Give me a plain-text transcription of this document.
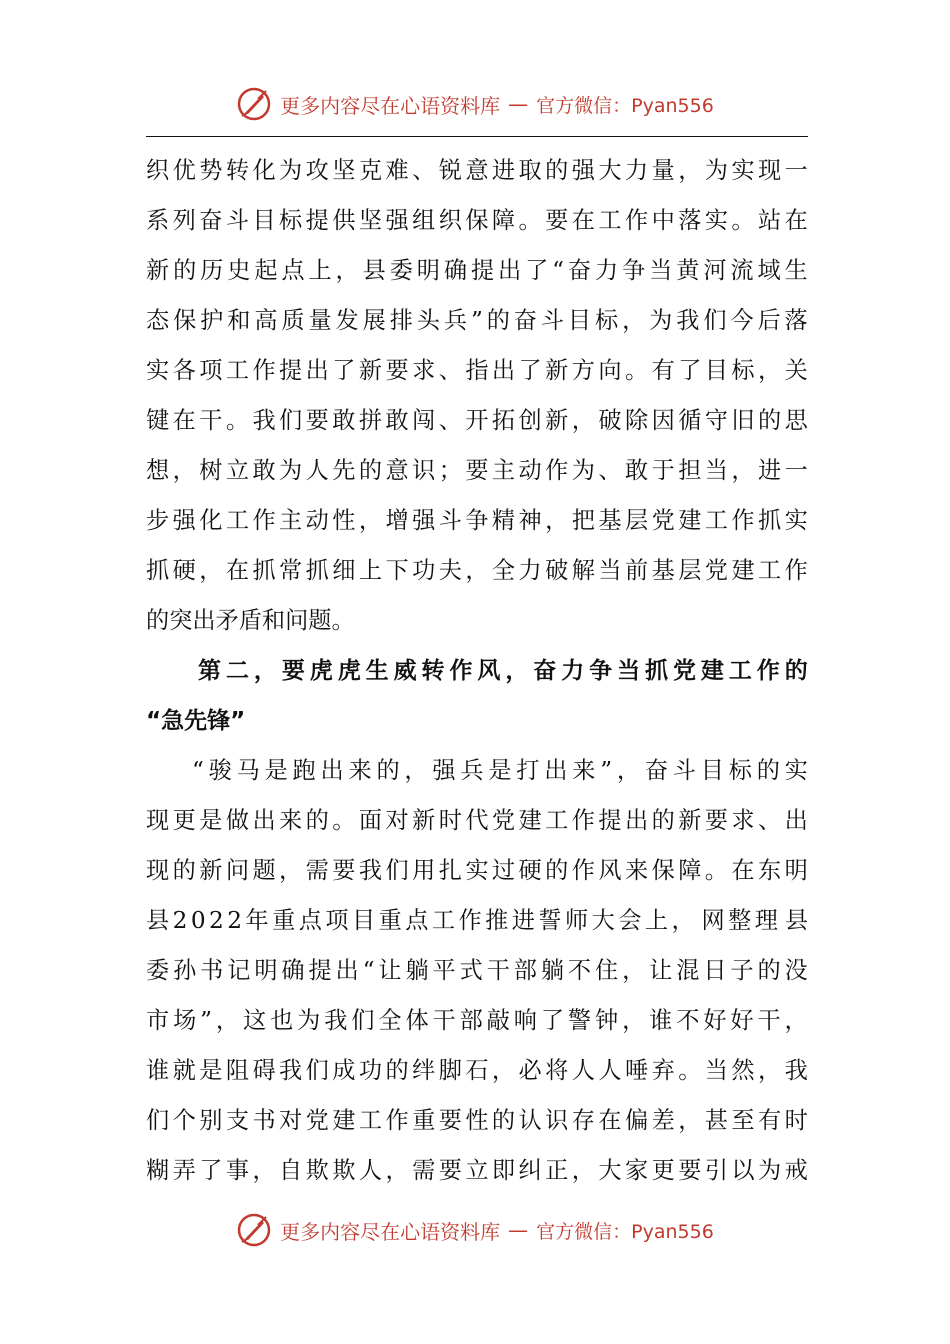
更多内容尽在心语资料库 — 官方微信：Pyan556
织 优 势 转 化 为 攻 坚 克 难 、 锐 意 进 取 的 强 大 力 量 ， 为 实 现 一
系 列 奋 斗 目 标 提 供 坚 强 组 织 保 障 。 要 在 工 作 中 落 实 。 站 在
新 的 历 史 起 点 上 ， 县 委 明 确 提 出 了 “ 奋 力 争 当 黄 河 流 域 生
态 保 护 和 高 质 量 发 展 排 头 兵 ” 的 奋 斗 目 标 ， 为 我 们 今 后 落
实 各 项 工 作 提 出 了 新 要 求 、 指 出 了 新 方 向 。 有 了 目 标 ， 关
键 在 干 。 我 们 要 敢 拼 敢 闯 、 开 拓 创 新 ， 破 除 因 循 守 旧 的 思
想 ， 树 立 敢 为 人 先 的 意 识 ； 要 主 动 作 为 、 敢 于 担 当 ， 进 一
步 强 化 工 作 主 动 性 ， 增 强 斗 争 精 神 ， 把 基 层 党 建 工 作 抓 实
抓 硬 ， 在 抓 常 抓 细 上 下 功 夫 ， 全 力 破 解 当 前 基 层 党 建 工 作
的突出矛盾和问题。
第 二 ， 要 虎 虎 生 威 转 作 风 ， 奋 力 争 当 抓 党 建 工 作 的
“急先锋”
“ 骏 马 是 跑 出 来 的 ， 强 兵 是 打 出 来 ” ， 奋 斗 目 标 的 实
现 更 是 做 出 来 的 。 面 对 新 时 代 党 建 工 作 提 出 的 新 要 求 、 出
现 的 新 问 题 ， 需 要 我 们 用 扎 实 过 硬 的 作 风 来 保 障 。 在 东 明
县 2 0 2 2 年 重 点 项 目 重 点 工 作 推 进 誓 师 大 会 上 ， 网 整 理 县
委 孙 书 记 明 确 提 出 “ 让 躺 平 式 干 部 躺 不 住 ， 让 混 日 子 的 没
市 场 ” ， 这 也 为 我 们 全 体 干 部 敲 响 了 警 钟 ， 谁 不 好 好 干 ，
谁 就 是 阻 碍 我 们 成 功 的 绊 脚 石 ， 必 将 人 人 唾 弃 。 当 然 ， 我
们 个 别 支 书 对 党 建 工 作 重 要 性 的 认 识 存 在 偏 差 ， 甚 至 有 时
糊 弄 了 事 ， 自 欺 欺 人 ， 需 要 立 即 纠 正 ， 大 家 更 要 引 以 为 戒
更多内容尽在心语资料库 — 官方微信：Pyan556
